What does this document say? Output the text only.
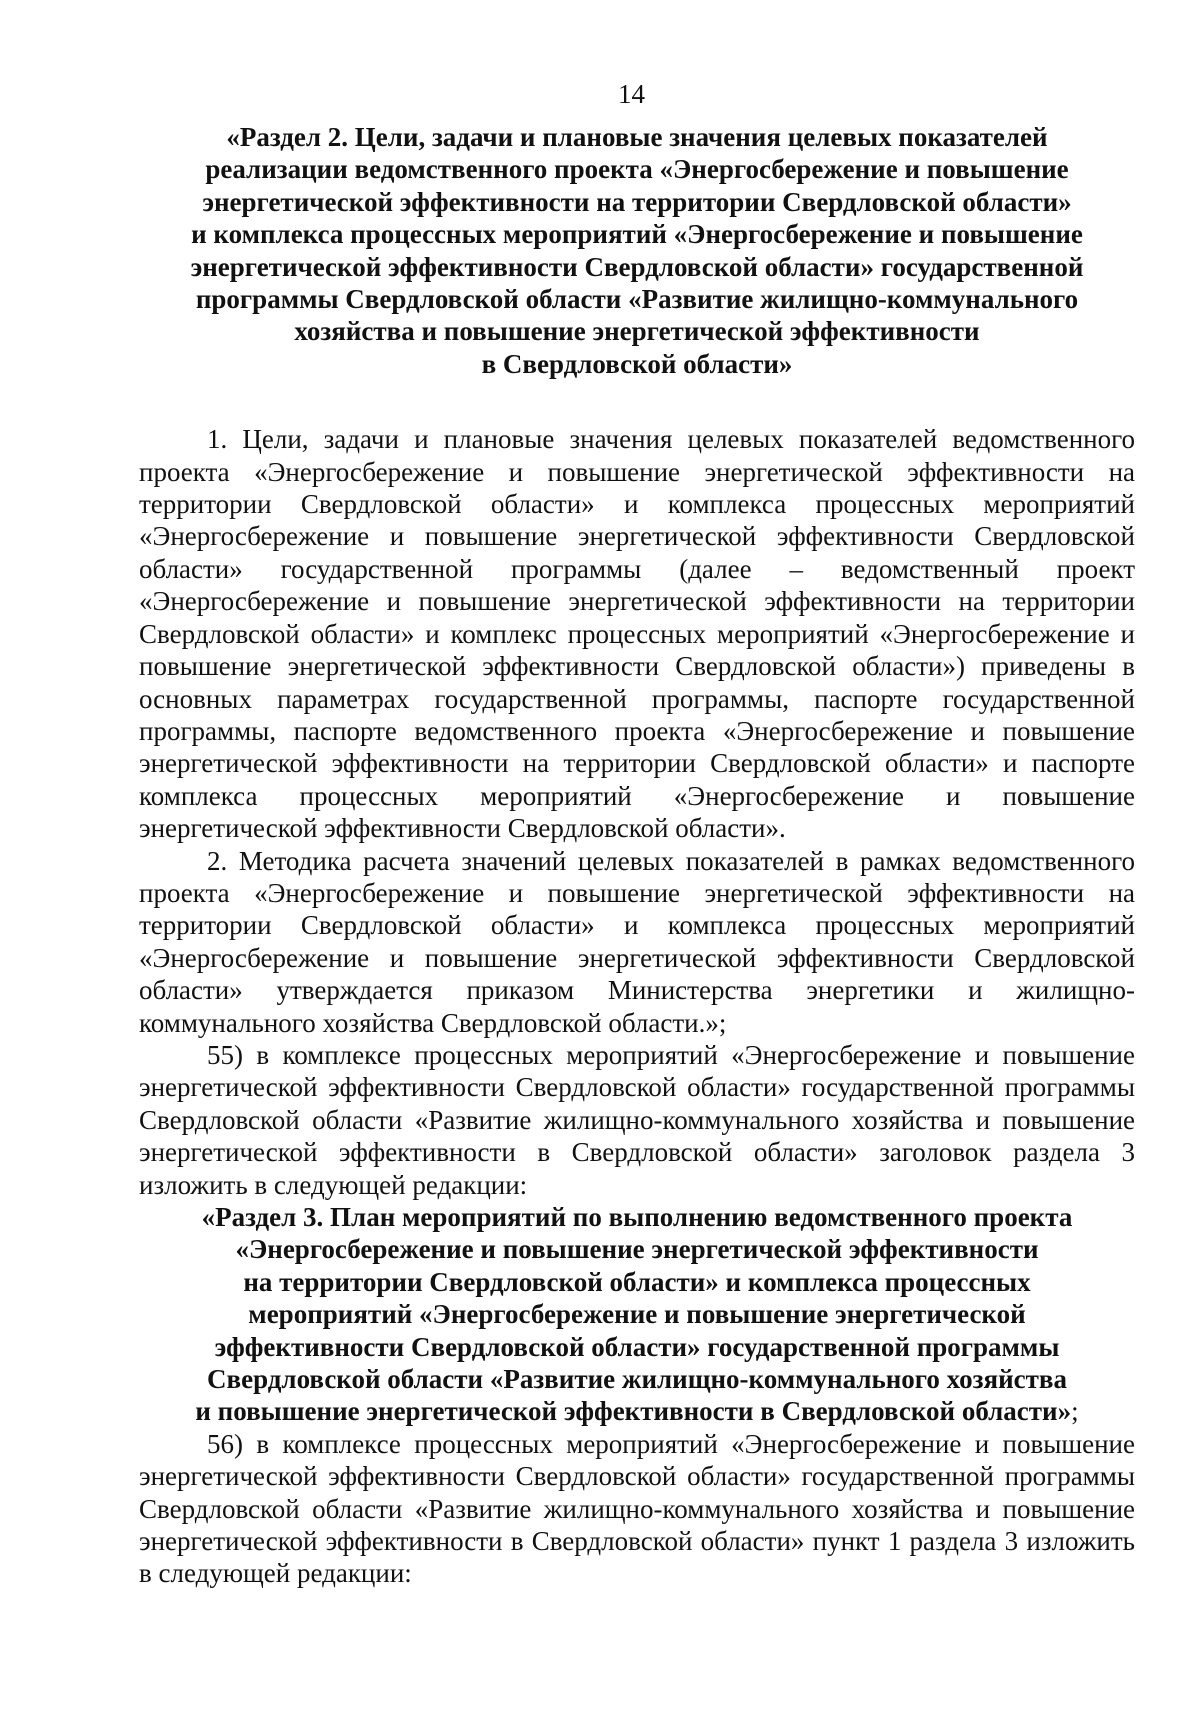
14
«Раздел 2. Цели, задачи и плановые значения целевых показателей
реализации ведомственного проекта «Энергосбережение и повышение
энергетической эффективности на территории Свердловской области»
и комплекса процессных мероприятий «Энергосбережение и повышение
энергетической эффективности Свердловской области» государственной
программы Свердловской области «Развитие жилищно-коммунального
хозяйства и повышение энергетической эффективности
в Свердловской области»

1. Цели, задачи и плановые значения целевых показателей ведомственного проекта «Энергосбережение и повышение энергетической эффективности на территории Свердловской области» и комплекса процессных мероприятий «Энергосбережение и повышение энергетической эффективности Свердловской области» государственной программы (далее – ведомственный проект «Энергосбережение и повышение энергетической эффективности на территории Свердловской области» и комплекс процессных мероприятий «Энергосбережение и повышение энергетической эффективности Свердловской области») приведены в основных параметрах государственной программы, паспорте государственной программы, паспорте ведомственного проекта «Энергосбережение и повышение энергетической эффективности на территории Свердловской области» и паспорте комплекса процессных мероприятий «Энергосбережение и повышение энергетической эффективности Свердловской области».

2. Методика расчета значений целевых показателей в рамках ведомственного проекта «Энергосбережение и повышение энергетической эффективности на территории Свердловской области» и комплекса процессных мероприятий «Энергосбережение и повышение энергетической эффективности Свердловской области» утверждается приказом Министерства энергетики и жилищно-коммунального хозяйства Свердловской области.»;

55) в комплексе процессных мероприятий «Энергосбережение и повышение энергетической эффективности Свердловской области» государственной программы Свердловской области «Развитие жилищно-коммунального хозяйства и повышение энергетической эффективности в Свердловской области» заголовок раздела 3 изложить в следующей редакции:

«Раздел 3. План мероприятий по выполнению ведомственного проекта
«Энергосбережение и повышение энергетической эффективности
на территории Свердловской области» и комплекса процессных
мероприятий «Энергосбережение и повышение энергетической
эффективности Свердловской области» государственной программы
Свердловской области «Развитие жилищно-коммунального хозяйства
и повышение энергетической эффективности в Свердловской области»;

56) в комплексе процессных мероприятий «Энергосбережение и повышение энергетической эффективности Свердловской области» государственной программы Свердловской области «Развитие жилищно-коммунального хозяйства и повышение энергетической эффективности в Свердловской области» пункт 1 раздела 3 изложить в следующей редакции:
